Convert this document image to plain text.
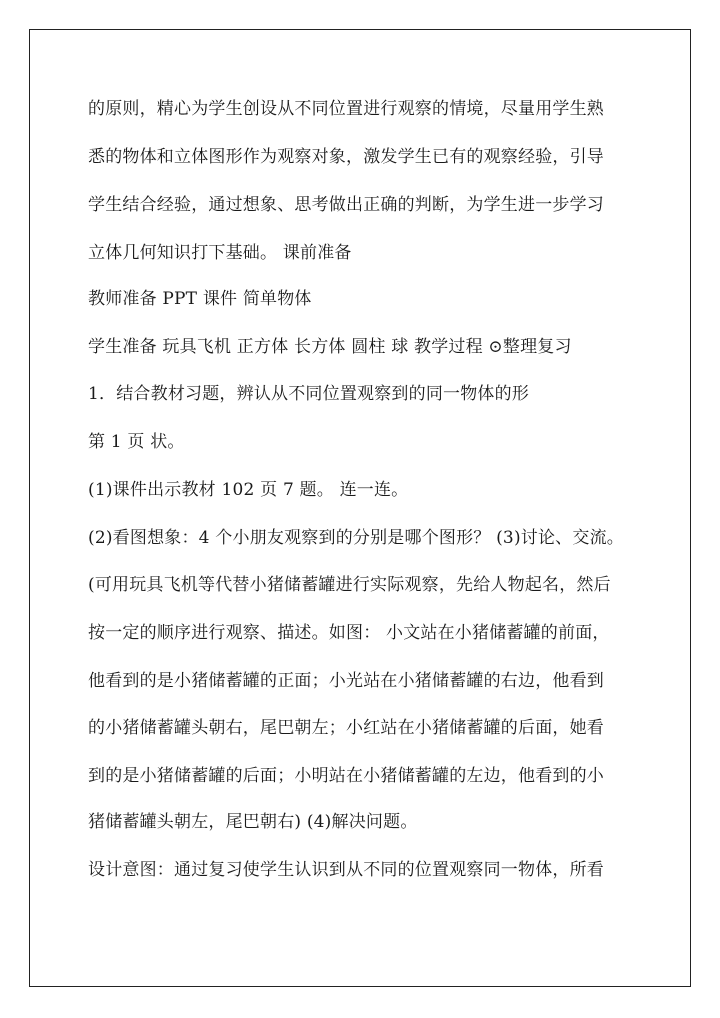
的原则，精心为学生创设从不同位置进行观察的情境，尽量用学生熟
悉的物体和立体图形作为观察对象，激发学生已有的观察经验，引导
学生结合经验，通过想象、思考做出正确的判断，为学生进一步学习
立体几何知识打下基础。 课前准备
教师准备 PPT 课件 简单物体
学生准备 玩具飞机 正方体 长方体 圆柱 球 教学过程 ⊙整理复习
1．结合教材习题，辨认从不同位置观察到的同一物体的形
第 1 页 状。
(1)课件出示教材 102 页 7 题。 连一连。
(2)看图想象：4 个小朋友观察到的分别是哪个图形？ (3)讨论、交流。
(可用玩具飞机等代替小猪储蓄罐进行实际观察，先给人物起名，然后
按一定的顺序进行观察、描述。如图： 小文站在小猪储蓄罐的前面，
他看到的是小猪储蓄罐的正面；小光站在小猪储蓄罐的右边，他看到
的小猪储蓄罐头朝右，尾巴朝左；小红站在小猪储蓄罐的后面，她看
到的是小猪储蓄罐的后面；小明站在小猪储蓄罐的左边，他看到的小
猪储蓄罐头朝左，尾巴朝右) (4)解决问题。
设计意图：通过复习使学生认识到从不同的位置观察同一物体，所看
